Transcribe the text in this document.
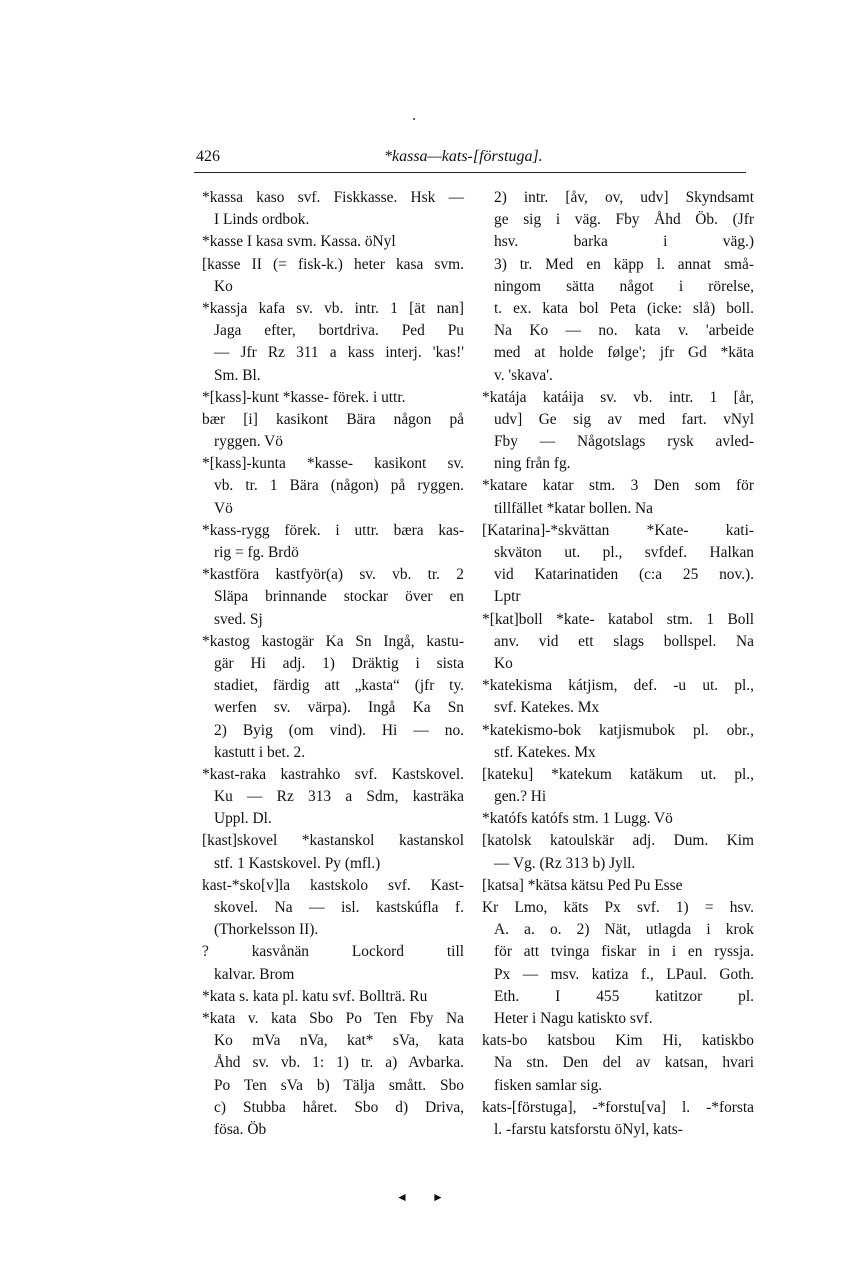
426	*kassa—kats-[förstuga].
*kassa kaso svf. Fiskkasse. Hsk —
I Linds ordbok.
*kasse I kasa svm. Kassa. öNyl
[kasse II (= fisk-k.) heter kasa svm.
Ko
*kassja kafa sv. vb. intr. 1 [ät nan]
Jaga efter, bortdriva. Ped Pu
— Jfr Rz 311 a kass interj. 'kas!'
Sm. Bl.
*[kass]-kunt *kasse- förek. i uttr.
bær [i] kasikont Bära någon på
ryggen. Vö
*[kass]-kunta *kasse- kasikont sv.
vb. tr. 1 Bära (någon) på ryggen.
Vö
*kass-rygg förek. i uttr. bæra kas-
rig = fg. Brdö
*kastföra kastfyör(a) sv. vb. tr. 2
Släpa brinnande stockar över en
sved. Sj
*kastog kastogär Ka Sn Ingå, kastu-
gär Hi adj. 1) Dräktig i sista
stadiet, färdig att „kasta“ (jfr ty.
werfen sv. värpa). Ingå Ka Sn
2) Byig (om vind). Hi — no.
kastutt i bet. 2.
*kast-raka kastrahko svf. Kastskovel.
Ku — Rz 313 a Sdm, kasträka
Uppl. Dl.
[kast]skovel *kastanskol kastanskol
stf. 1 Kastskovel. Py (mfl.)
kast-*sko[v]la kastskolo svf. Kast-
skovel. Na — isl. kastskúfla f.
(Thorkelsson II).
? kasvånän Lockord till
kalvar. Brom
*kata s. kata pl. katu svf. Bollträ. Ru
*kata v. kata Sbo Po Ten Fby Na
Ko mVa nVa, kat* sVa, kata
Åhd sv. vb. 1: 1) tr. a) Avbarka.
Po Ten sVa b) Tälja smått. Sbo
c) Stubba håret. Sbo d) Driva,
fösa. Öb
2) intr. [åv, ov, udv] Skyndsamt
ge sig i väg. Fby Åhd Öb. (Jfr
hsv. barka i väg.)
3) tr. Med en käpp l. annat små-
ningom sätta något i rörelse,
t. ex. kata bol Peta (icke: slå) boll.
Na Ko — no. kata v. 'arbeide
med at holde følge'; jfr Gd *käta
v. 'skava'.
*katája katáija sv. vb. intr. 1 [år,
udv] Ge sig av med fart. vNyl
Fby — Någotslags rysk avled-
ning från fg.
*katare katar stm. 3 Den som för
tillfället *katar bollen. Na
[Katarina]-*skvättan *Kate- kati-
skväton ut. pl., svfdef. Halkan
vid Katarinatiden (c:a 25 nov.).
Lptr
*[kat]boll *kate- katabol stm. 1 Boll
anv. vid ett slags bollspel. Na
Ko
*katekisma kátjism, def. -u ut. pl.,
svf. Katekes. Mx
*katekismo-bok katjismubok pl. obr.,
stf. Katekes. Mx
[kateku] *katekum katäkum ut. pl.,
gen.? Hi
*katófs katófs stm. 1 Lugg. Vö
[katolsk katoulskär adj. Dum. Kim
— Vg. (Rz 313 b) Jyll.
[katsa] *kätsa kätsu Ped Pu Esse
Kr Lmo, käts Px svf. 1) = hsv.
A. a. o. 2) Nät, utlagda i krok
för att tvinga fiskar in i en ryssja.
Px — msv. katiza f., LPaul. Goth.
Eth. I 455 katitzor pl.
Heter i Nagu katiskto svf.
kats-bo katsbou Kim Hi, katiskbo
Na stn. Den del av katsan, hvari
fisken samlar sig.
kats-[förstuga], -*forstu[va] l. -*forsta
l. -farstu katsforstu öNyl, kats-
◄ ►
